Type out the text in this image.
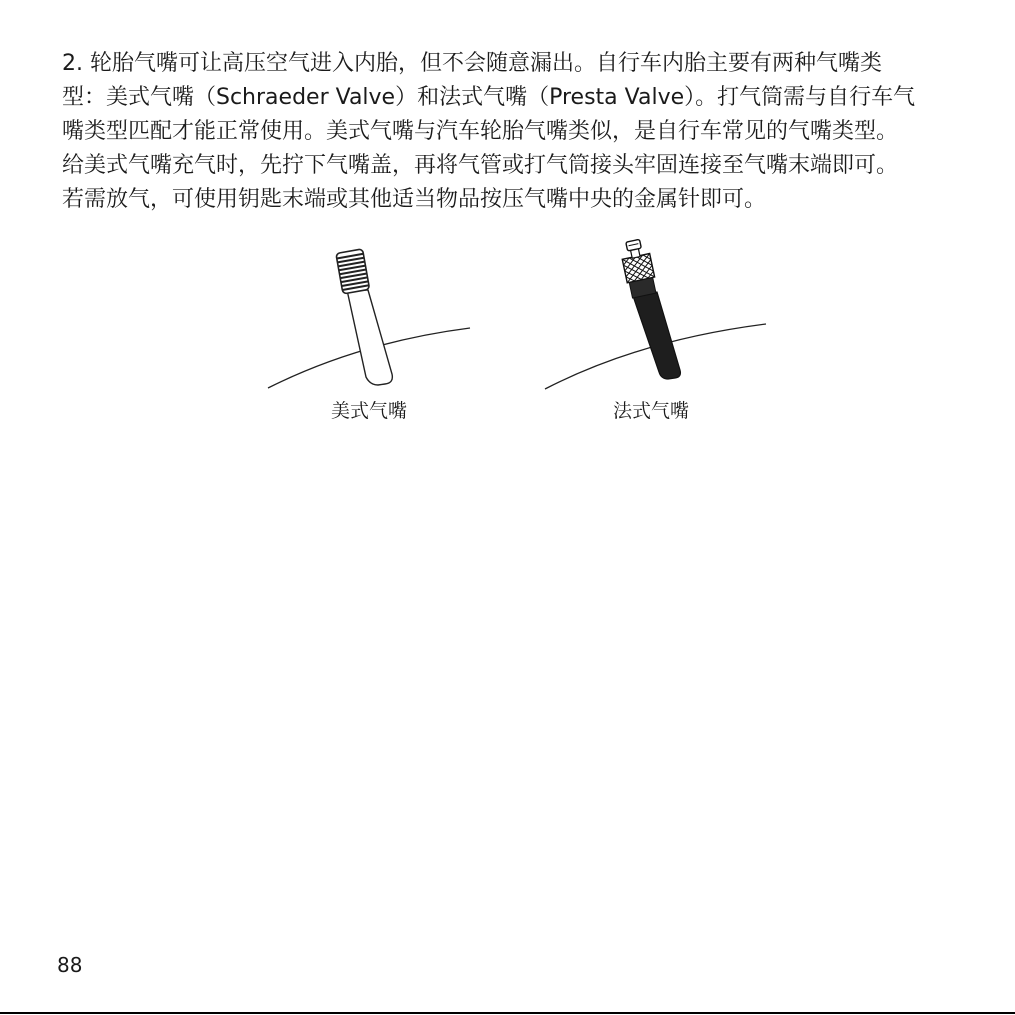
2. 轮胎气嘴可让高压空气进入内胎，但不会随意漏出。自行车内胎主要有两种气嘴类
型：美式气嘴（Schraeder Valve）和法式气嘴（Presta Valve）。打气筒需与自行车气
嘴类型匹配才能正常使用。美式气嘴与汽车轮胎气嘴类似，是自行车常见的气嘴类型。
给美式气嘴充气时，先拧下气嘴盖，再将气管或打气筒接头牢固连接至气嘴末端即可。
若需放气，可使用钥匙末端或其他适当物品按压气嘴中央的金属针即可。
美式气嘴	法式气嘴
88
